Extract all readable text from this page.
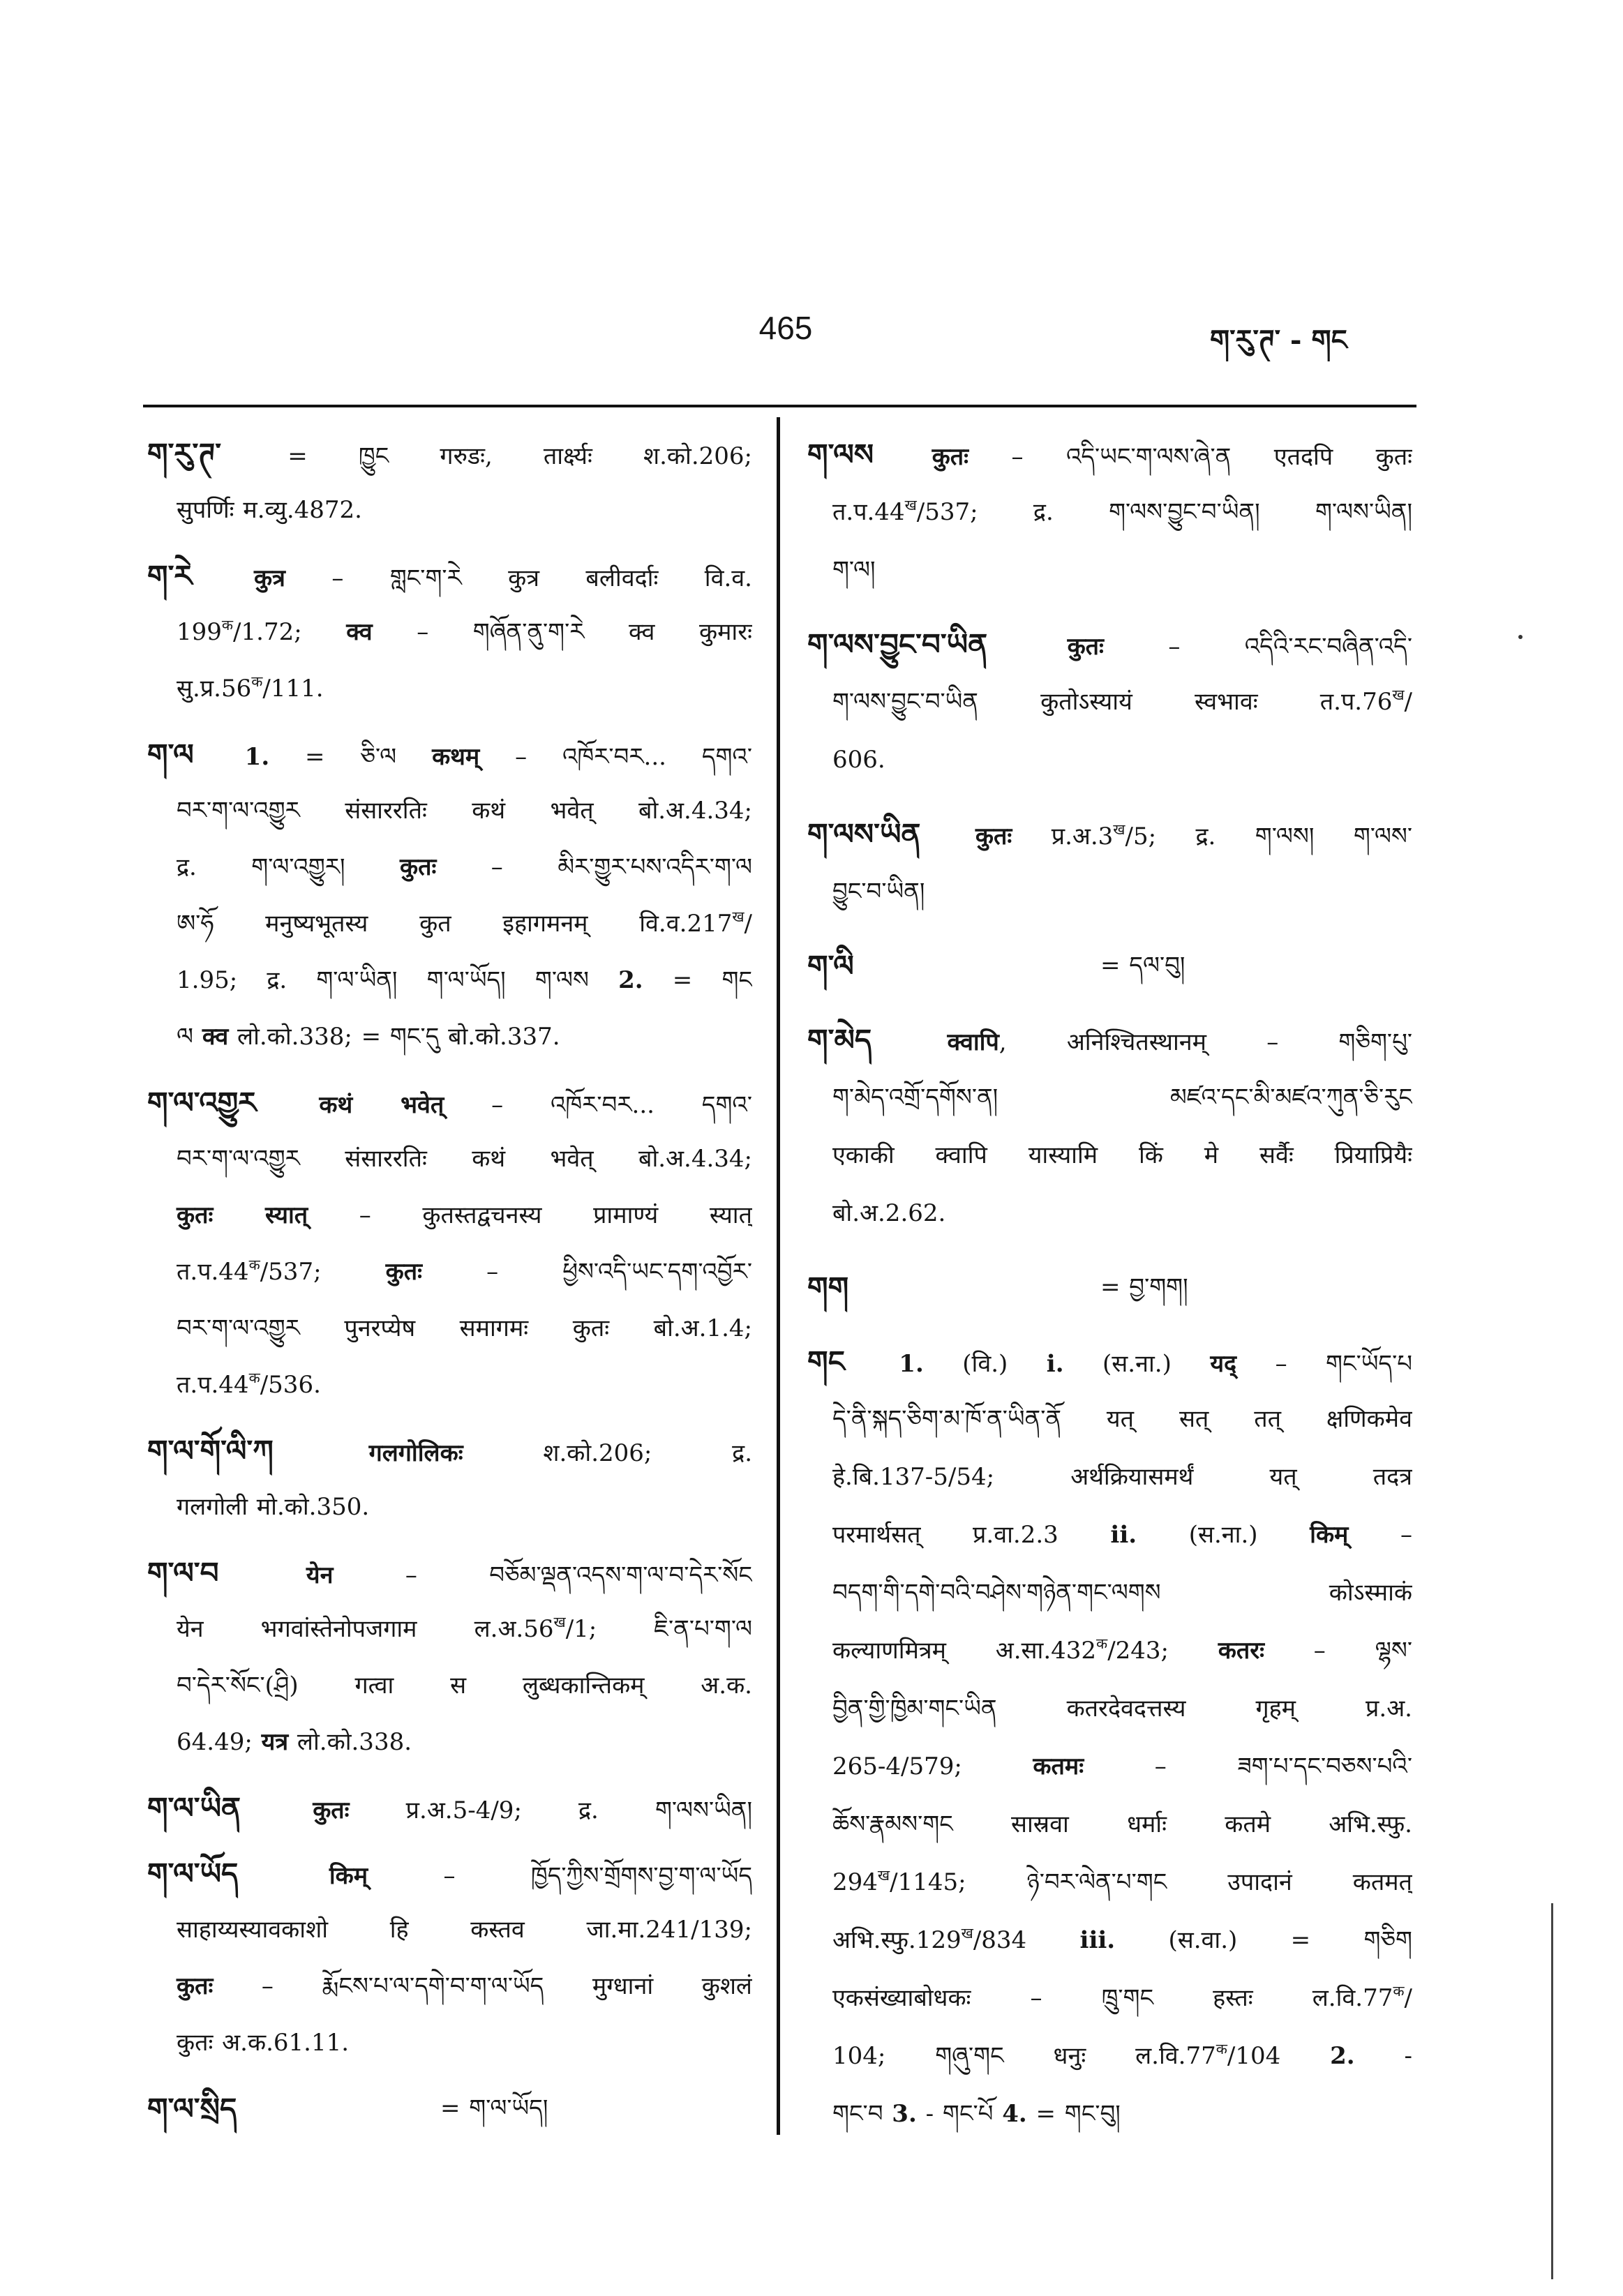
465	ག་རུ་ཊ་ - གང
ག་རུ་ཊ་ = ཁྱུང गरुडः, तार्क्ष्यः श.को.206;
सुपर्णिः म.व्यु.4872.
ག་རེ	कुत्र – གླང་ག་རེ कुत्र बलीवर्दाः वि.व.
$199^क/1.72$; क्व – གཞོན་ནུ་ག་རེ क्व कुमारः
$सु.प्र.56^क/111$.
ག་ལ 1. = ཅི་ལ कथम् – འཁོར་བར... དགའ་
བར་ག་ལ་འགྱུར संसाररतिः कथं भवेत् बो.अ.4.34;
द्र. ག་ལ་འགྱུར། कुतः – མིར་གྱུར་པས་འདིར་ག་ལ
ཨ་ཧོ मनुष्यभूतस्य कुत इहागमनम् $वि.व.217^ख/$
1.95; द्र. ག་ལ་ཡིན། ག་ལ་ཡོད། ག་ལས 2. = གང
ལ क्व लो.को.338; = གང་དུ बो.को.337.
ག་ལ་འགྱུར	कथं भवेत् – འཁོར་བར... དགའ་
བར་ག་ལ་འགྱུར संसाररतिः कथं भवेत् बो.अ.4.34;
कुतः स्यात् – कुतस्तद्वचनस्य प्रामाण्यं स्यात्
$त.प.44^क/537$; कुतः – ཕྱིས་འདི་ཡང་དག་འབྱོར་
བར་ག་ལ་འགྱུར पुनरप्येष समागमः कुतः बो.अ.1.4;
$त.प.44^क/536$.
ག་ལ་གོ་ལི་ཀ	गलगोलिकः श.को.206; द्र.
गलगोली मो.को.350.
ག་ལ་བ	येन – བཅོམ་ལྡན་འདས་ག་ལ་བ་དེར་སོང
येन भगवांस्तेनोपजगाम $ल.अ.56^ख/1$; ཇི་ན་པ་ག་ལ
བ་དེར་སོང་(ཤྲི) गत्वा स लुब्धकान्तिकम् अ.क.
64.49; यत्र लो.को.338.
ག་ལ་ཡིན	कुतः प्र.अ.5-4/9; द्र. ག་ལས་ཡིན།
ག་ལ་ཡོད	किम् – ཁྱོད་ཀྱིས་གྲོགས་བྱ་ག་ལ་ཡོད
साहाय्यस्यावकाशो हि कस्तव जा.मा.241/139;
कुतः – རྨོངས་པ་ལ་དགེ་བ་ག་ལ་ཡོད मुग्धानां कुशलं
कुतः अ.क.61.11.
ག་ལ་སྲིད	= ག་ལ་ཡོད།
ག་ལས कुतः – འདི་ཡང་ག་ལས་ཞེ་ན एतदपि कुतः
$त.प.44^ख/537$; द्र. ག་ལས་བྱུང་བ་ཡིན། ག་ལས་ཡིན།
ག་ལ།
ག་ལས་བྱུང་བ་ཡིན	कुतः – འདིའི་རང་བཞིན་འདི་
ག་ལས་བྱུང་བ་ཡིན कुतोऽस्यायं स्वभावः $त.प.76^ख/$
606.
ག་ལས་ཡིན कुतः $प्र.अ.3^ख/5$; द्र. ག་ལས། ག་ལས་
བྱུང་བ་ཡིན།
ག་ལི	= དལ་བུ།
ག་མེད	क्वापि, अनिश्चितस्थानम् – གཅིག་པུ་
ག་མེད་འགྲོ་དགོས་ན། མཛའ་དང་མི་མཛའ་ཀུན་ཅི་རུང
एकाकी क्वापि यास्यामि किं मे सर्वैः प्रियाप्रियैः
बो.अ.2.62.
གག	= བྱ་གག།
གང 1. (वि.) i. (स.ना.) यद् – གང་ཡོད་པ
དེ་ནི་སྐད་ཅིག་མ་ཁོ་ན་ཡིན་ནོ यत् सत् तत् क्षणिकमेव
हे.बि.137-5/54; अर्थक्रियासमर्थं यत् तदत्र
परमार्थसत् प्र.वा.2.3 ii. (स.ना.) किम् –
བདག་གི་དགེ་བའི་བཤེས་གཉེན་གང་ལགས कोऽस्माकं
कल्याणमित्रम् $अ.सा.432^क/243$; कतरः – ལྷས་
བྱིན་གྱི་ཁྱིམ་གང་ཡིན कतरदेवदत्तस्य गृहम् प्र.अ.
265-4/579; कतमः – ཟག་པ་དང་བཅས་པའི་
ཆོས་རྣམས་གང सास्रवा धर्माः कतमे अभि.स्फु.
$294^ख/1145$; ཉེ་བར་ལེན་པ་གང उपादानं कतमत्
$अभि.स्फु.129^ख/834$ iii. (स.वा.) = གཅིག
एकसंख्याबोधकः – ཁྲུ་གང हस्तः $ल.वि.77^क/$
104; གཞུ་གང धनुः $ल.वि.77^क/104$ 2. -
གང་བ 3. - གང་པོ 4. = གང་བུ།
